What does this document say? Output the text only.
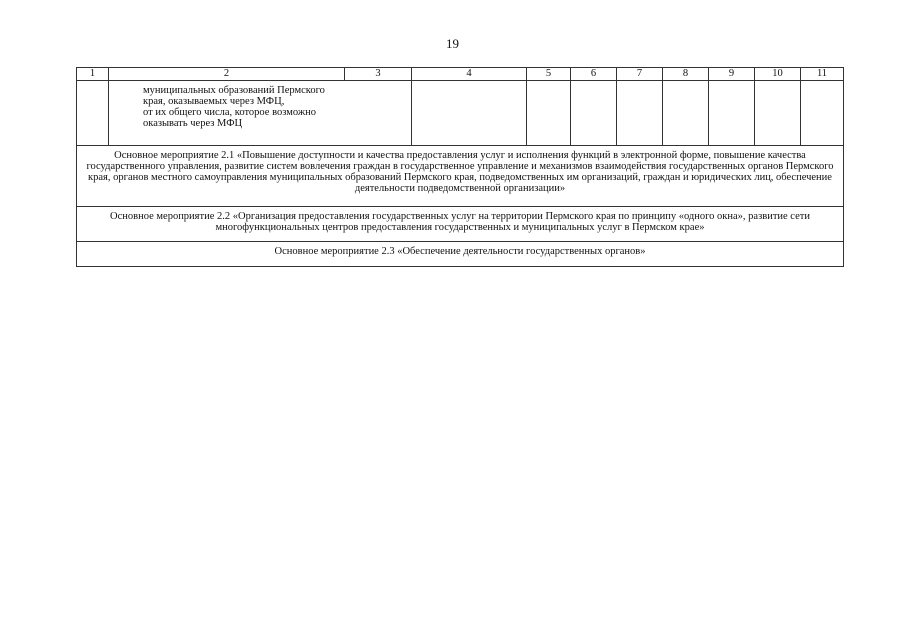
19
1	2	3	4	5	6	7	8	9	10	11

	муниципальных образований Пермского
края, оказываемых через МФЦ,
от их общего числа, которое возможно
оказывать через МФЦ									

Основное мероприятие 2.1 «Повышение доступности и качества предоставления услуг и исполнения функций в электронной форме, повышение качества государственного управления, развитие систем вовлечения граждан в государственное управление и механизмов взаимодействия государственных органов Пермского края, органов местного самоуправления муниципальных образований Пермского края, подведомственных им организаций, граждан и юридических лиц, обеспечение деятельности подведомственной организации»										
Основное мероприятие 2.2 «Организация предоставления государственных услуг на территории Пермского края по принципу «одного окна», развитие сети многофункциональных центров предоставления государственных и муниципальных услуг в Пермском крае»										
Основное мероприятие 2.3 «Обеспечение деятельности государственных органов»										
